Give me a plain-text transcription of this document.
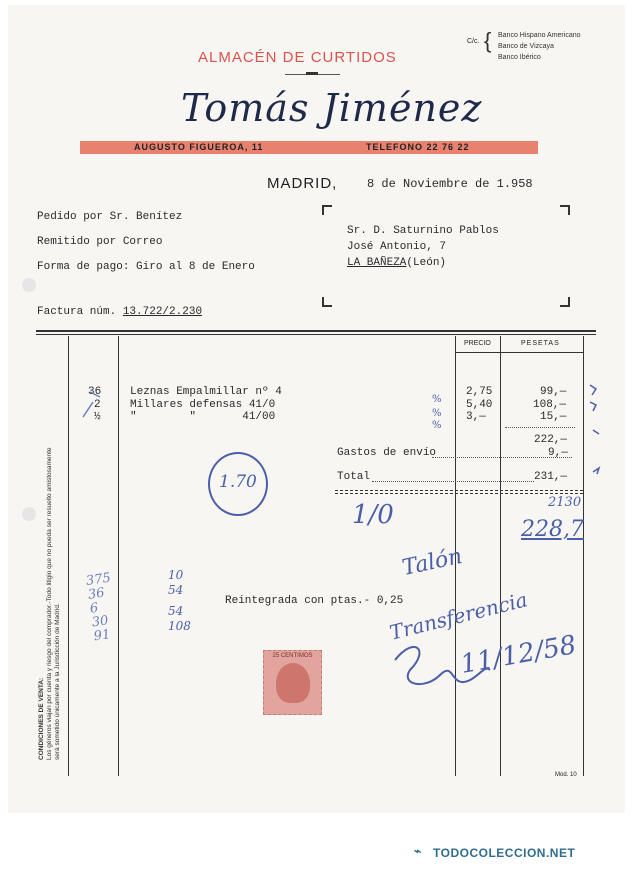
ALMACÉN DE CURTIDOS
Tomás Jiménez
AUGUSTO FIGUEROA, 11	TELEFONO 22 76 22
C/c. { Banco Hispano Americano
Banco de Vizcaya
Banco Ibérico
MADRID, 8 de Noviembre de 1.958
Pedido por Sr. Benítez
Remitido por Correo
Forma de pago: Giro al 8 de Enero
Factura núm. 13.722/2.230
Sr. D. Saturnino Pablos
José Antonio, 7
LA BAÑEZA(León)
PRECIO	PESETAS
36	Leznas Empalmillar nº 4	2,75	99,—
2	Millares defensas 41/0	5,40	108,—
½	"        "       41/00	3,—	15,—
222,—
Gastos de envío	9,—
Total	231,—
Reintegrada con ptas.- 0,25
Mod. 10
CONDICIONES DE VENTA: Los géneros viajan por cuenta y riesgo del comprador.-Todo litigio que no pueda ser resuelto amistosamente será sometido únicamente a la Jurisdicción de Madrid.
1.70
1/0	2130
228,7
10
54
54
108
375
36
6
30
91
Talón
Transferencia
11/12/58
%
%
%
25 CENTIMOS
⌁ TODOCOLECCION.NET
